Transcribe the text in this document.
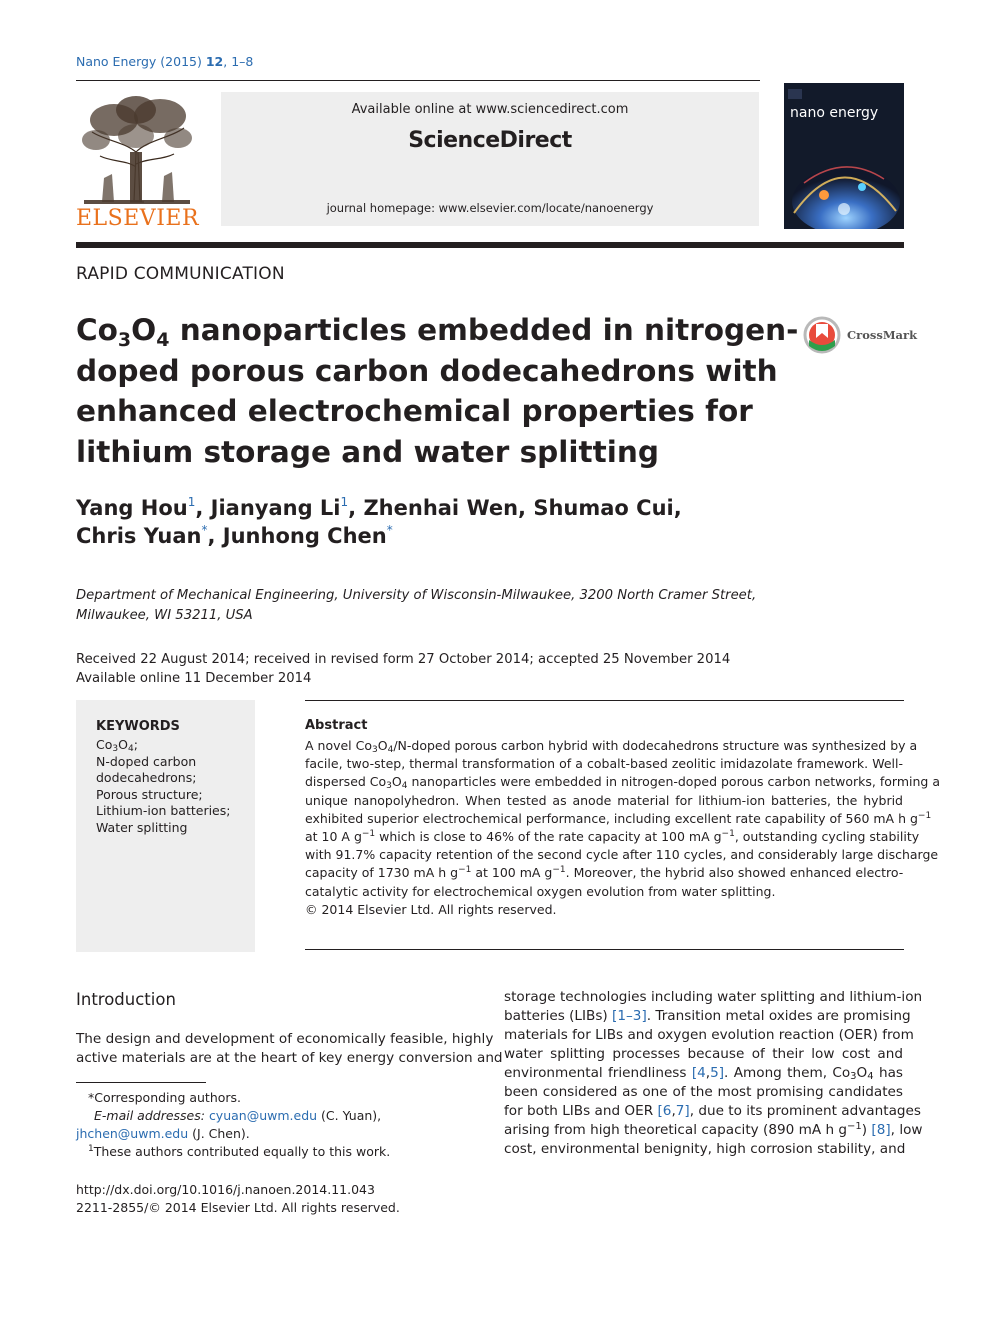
Nano Energy (2015) 12, 1–8
ELSEVIER
Available online at www.sciencedirect.com
ScienceDirect
journal homepage: www.elsevier.com/locate/nanoenergy
nano energy
RAPID COMMUNICATION
$Co_3O_4$ nanoparticles embedded in nitrogen-
doped porous carbon dodecahedrons with
enhanced electrochemical properties for
lithium storage and water splitting
CrossMark
Yang Hou$^1$, Jianyang Li$^1$, Zhenhai Wen, Shumao Cui,
Chris Yuan*, Junhong Chen*
Department of Mechanical Engineering, University of Wisconsin-Milwaukee, 3200 North Cramer Street,
Milwaukee, WI 53211, USA
Received 22 August 2014; received in revised form 27 October 2014; accepted 25 November 2014
Available online 11 December 2014
KEYWORDS
$Co_3O_4$;
N-doped carbon
dodecahedrons;
Porous structure;
Lithium-ion batteries;
Water splitting
Abstract
A novel $Co_3O_4/N$-doped porous carbon hybrid with dodecahedrons structure was synthesized by a
facile, two-step, thermal transformation of a cobalt-based zeolitic imidazolate framework. Well-
dispersed $Co_3O_4$ nanoparticles were embedded in nitrogen-doped porous carbon networks, forming a
unique nanopolyhedron. When tested as anode material for lithium-ion batteries, the hybrid
exhibited superior electrochemical performance, including excellent rate capability of 560 mA h $g^{-1}$
at 10 A $g^{-1}$ which is close to 46% of the rate capacity at 100 mA $g^{-1}$, outstanding cycling stability
with 91.7% capacity retention of the second cycle after 110 cycles, and considerably large discharge
capacity of 1730 mA h $g^{-1}$ at 100 mA $g^{-1}$. Moreover, the hybrid also showed enhanced electro-
catalytic activity for electrochemical oxygen evolution from water splitting.
© 2014 Elsevier Ltd. All rights reserved.
Introduction
The design and development of economically feasible, highly
active materials are at the heart of key energy conversion and
storage technologies including water splitting and lithium-ion
batteries (LIBs) [1–3]. Transition metal oxides are promising
materials for LIBs and oxygen evolution reaction (OER) from
water splitting processes because of their low cost and
environmental friendliness [4,5]. Among them, $Co_3O_4$ has
been considered as one of the most promising candidates
for both LIBs and OER [6,7], due to its prominent advantages
arising from high theoretical capacity (890 mA h $g^{-1}$) [8], low
cost, environmental benignity, high corrosion stability, and
*Corresponding authors.
E-mail addresses: cyuan@uwm.edu (C. Yuan),
jhchen@uwm.edu (J. Chen).
$^1$These authors contributed equally to this work.
http://dx.doi.org/10.1016/j.nanoen.2014.11.043
2211-2855/© 2014 Elsevier Ltd. All rights reserved.
